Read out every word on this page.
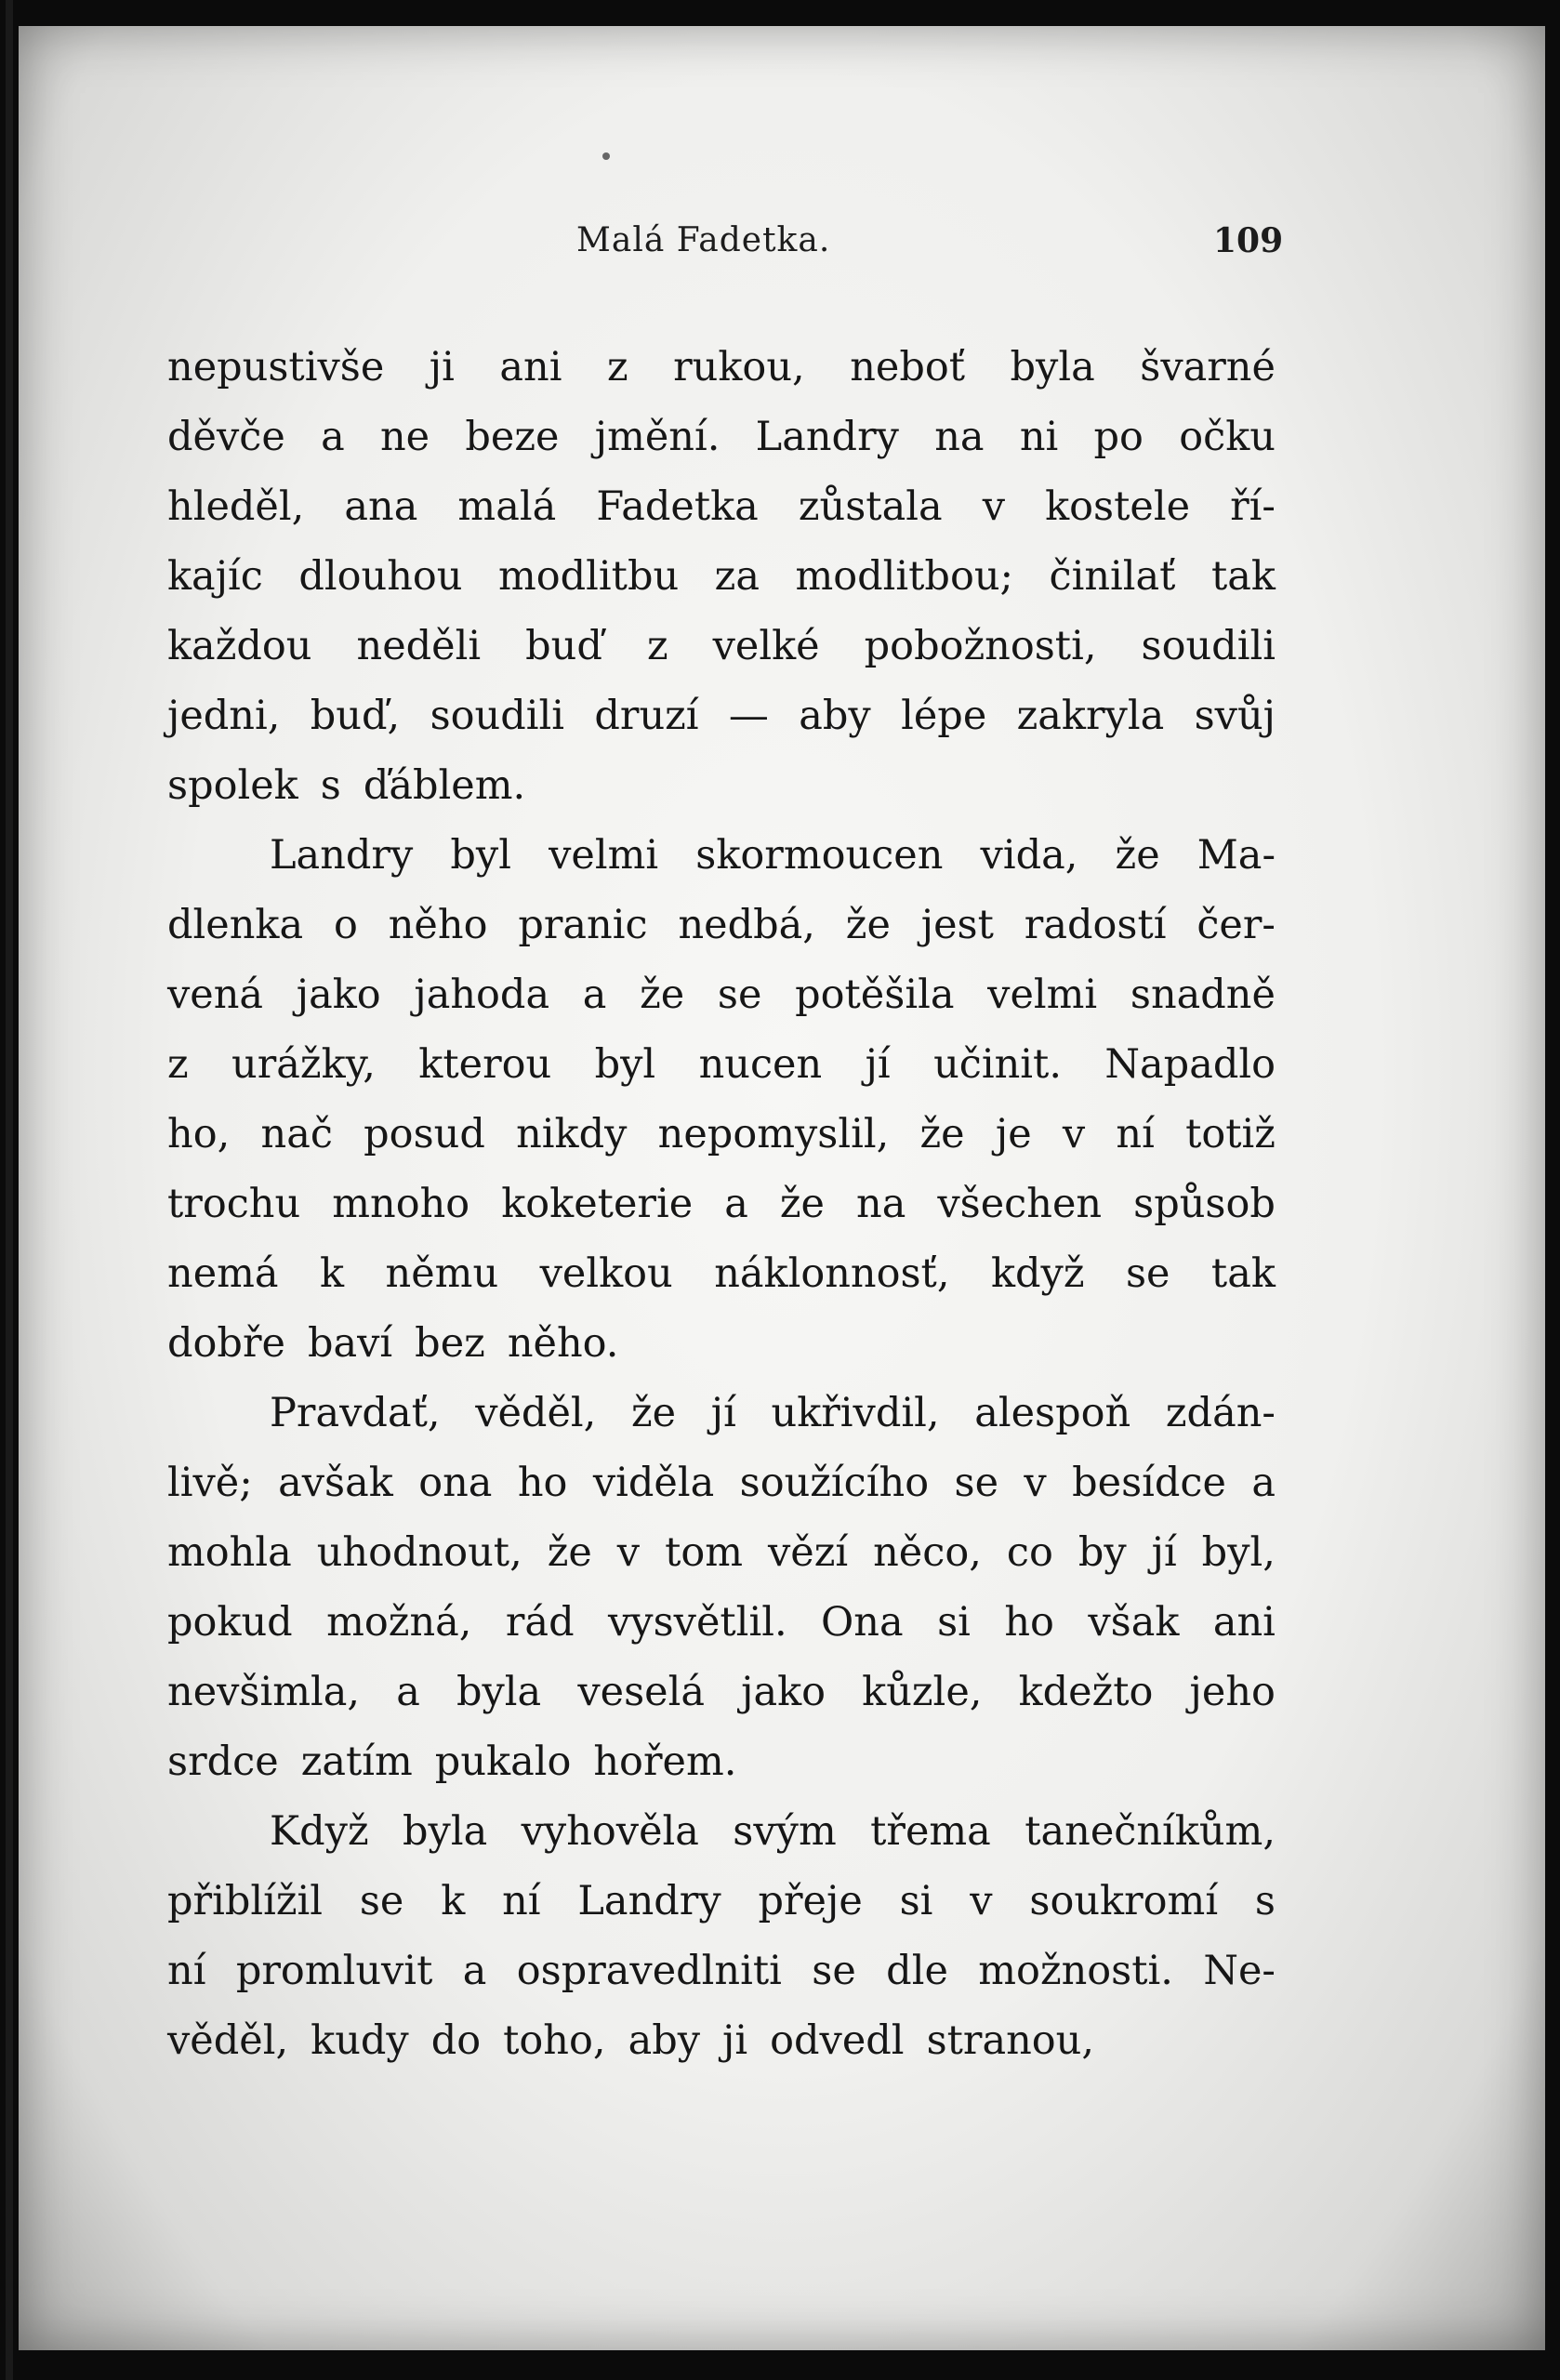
Malá Fadetka.	109
nepustivše ji ani z rukou, neboť byla švarné
děvče a ne beze jmění. Landry na ni po očku
hleděl, ana malá Fadetka zůstala v kostele ří-
kajíc dlouhou modlitbu za modlitbou; činilať tak
každou neděli buď z velké pobožnosti, soudili
jedni, buď, soudili druzí — aby lépe zakryla svůj
spolek s ďáblem.
Landry byl velmi skormoucen vida, že Ma-
dlenka o něho pranic nedbá, že jest radostí čer-
vená jako jahoda a že se potěšila velmi snadně
z urážky, kterou byl nucen jí učinit. Napadlo
ho, nač posud nikdy nepomyslil, že je v ní totiž
trochu mnoho koketerie a že na všechen spůsob
nemá k němu velkou náklonnosť, když se tak
dobře baví bez něho.
Pravdať, věděl, že jí ukřivdil, alespoň zdán-
livě; avšak ona ho viděla soužícího se v besídce a
mohla uhodnout, že v tom vězí něco, co by jí byl,
pokud možná, rád vysvětlil. Ona si ho však ani
nevšimla, a byla veselá jako kůzle, kdežto jeho
srdce zatím pukalo hořem.
Když byla vyhověla svým třema tanečníkům,
přiblížil se k ní Landry přeje si v soukromí s
ní promluvit a ospravedlniti se dle možnosti. Ne-
věděl, kudy do toho, aby ji odvedl stranou,
